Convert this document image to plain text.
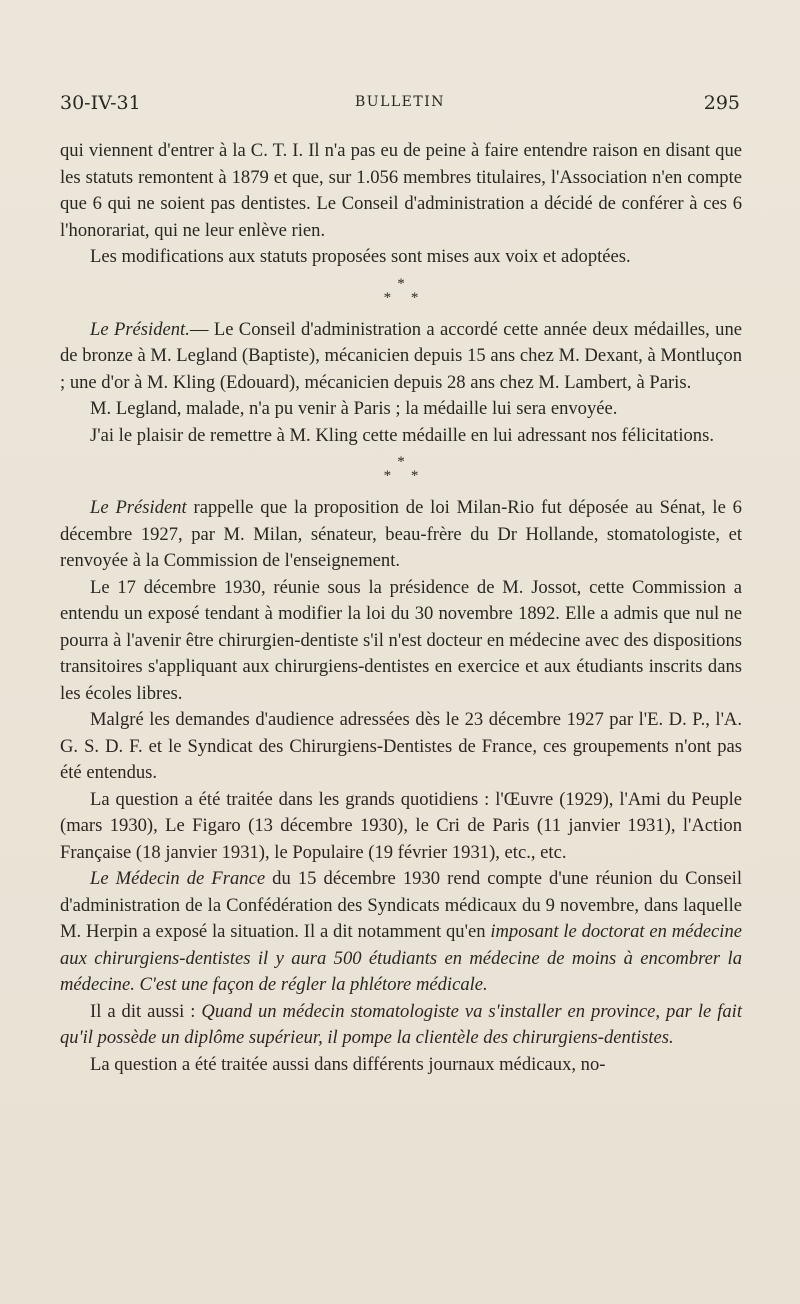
30-IV-31	BULLETIN	295

qui viennent d'entrer à la C. T. I. Il n'a pas eu de peine à faire entendre raison en disant que les statuts remontent à 1879 et que, sur 1.056 membres titulaires, l'Association n'en compte que 6 qui ne soient pas dentistes. Le Conseil d'administration a décidé de conférer à ces 6 l'honorariat, qui ne leur enlève rien.

Les modifications aux statuts proposées sont mises aux voix et adoptées.

*
* *

Le Président.— Le Conseil d'administration a accordé cette année deux médailles, une de bronze à M. Legland (Baptiste), mécanicien depuis 15 ans chez M. Dexant, à Montluçon ; une d'or à M. Kling (Edouard), mécanicien depuis 28 ans chez M. Lambert, à Paris.

M. Legland, malade, n'a pu venir à Paris ; la médaille lui sera envoyée.

J'ai le plaisir de remettre à M. Kling cette médaille en lui adressant nos félicitations.

*
* *

Le Président rappelle que la proposition de loi Milan-Rio fut déposée au Sénat, le 6 décembre 1927, par M. Milan, sénateur, beau-frère du Dr Hollande, stomatologiste, et renvoyée à la Commission de l'enseignement.

Le 17 décembre 1930, réunie sous la présidence de M. Jossot, cette Commission a entendu un exposé tendant à modifier la loi du 30 novembre 1892. Elle a admis que nul ne pourra à l'avenir être chirurgien-dentiste s'il n'est docteur en médecine avec des dispositions transitoires s'appliquant aux chirurgiens-dentistes en exercice et aux étudiants inscrits dans les écoles libres.

Malgré les demandes d'audience adressées dès le 23 décembre 1927 par l'E. D. P., l'A. G. S. D. F. et le Syndicat des Chirurgiens-Dentistes de France, ces groupements n'ont pas été entendus.

La question a été traitée dans les grands quotidiens : l'Œuvre (1929), l'Ami du Peuple (mars 1930), Le Figaro (13 décembre 1930), le Cri de Paris (11 janvier 1931), l'Action Française (18 janvier 1931), le Populaire (19 février 1931), etc., etc.

Le Médecin de France du 15 décembre 1930 rend compte d'une réunion du Conseil d'administration de la Confédération des Syndicats médicaux du 9 novembre, dans laquelle M. Herpin a exposé la situation. Il a dit notamment qu'en imposant le doctorat en médecine aux chirurgiens-dentistes il y aura 500 étudiants en médecine de moins à encombrer la médecine. C'est une façon de régler la phlétore médicale.

Il a dit aussi : Quand un médecin stomatologiste va s'installer en province, par le fait qu'il possède un diplôme supérieur, il pompe la clientèle des chirurgiens-dentistes.

La question a été traitée aussi dans différents journaux médicaux, no-
